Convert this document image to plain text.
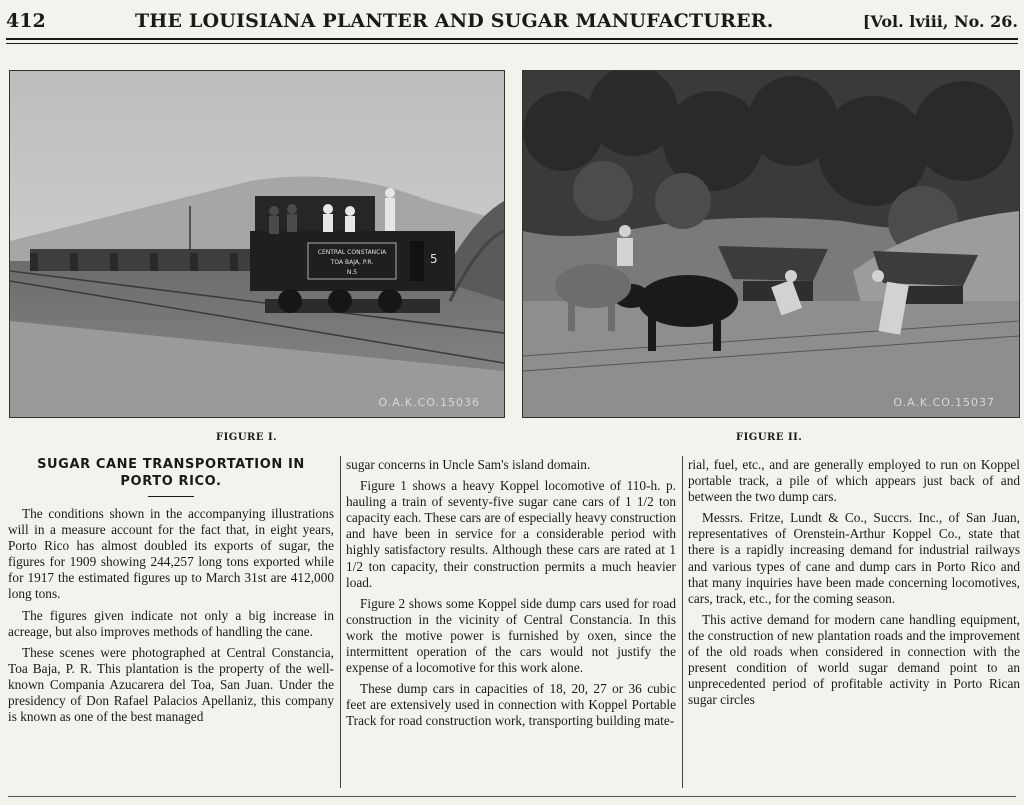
412	THE LOUISIANA PLANTER AND SUGAR MANUFACTURER.	[Vol. lviii, No. 26.
CENTRAL CONSTANCIA
TOA BAJA, P.R.
N.5
5
O.A.K.CO.15036	O.A.K.CO.15037
FIGURE I.	FIGURE II.
SUGAR CANE TRANSPORTATION IN
PORTO RICO.

The conditions shown in the accompanying illustrations will in a measure account for the fact that, in eight years, Porto Rico has almost doubled its exports of sugar, the figures for 1909 showing 244,257 long tons exported while for 1917 the estimated figures up to March 31st are 412,000 long tons.

The figures given indicate not only a big increase in acreage, but also improves methods of handling the cane.

These scenes were photographed at Central Constancia, Toa Baja, P. R. This plantation is the property of the well-known Compania Azucarera del Toa, San Juan. Under the presidency of Don Rafael Palacios Apellaniz, this company is known as one of the best managed

sugar concerns in Uncle Sam's island domain.

Figure 1 shows a heavy Koppel locomotive of 110-h. p. hauling a train of seventy-five sugar cane cars of 1 1/2 ton capacity each. These cars are of especially heavy construction and have been in service for a considerable period with highly satisfactory results. Although these cars are rated at 1 1/2 ton capacity, their construction permits a much heavier load.

Figure 2 shows some Koppel side dump cars used for road construction in the vicinity of Central Constancia. In this work the motive power is furnished by oxen, since the intermittent operation of the cars would not justify the expense of a locomotive for this work alone.

These dump cars in capacities of 18, 20, 27 or 36 cubic feet are extensively used in connection with Koppel Portable Track for road construction work, transporting building mate-

rial, fuel, etc., and are generally employed to run on Koppel portable track, a pile of which appears just back of and between the two dump cars.

Messrs. Fritze, Lundt & Co., Succrs. Inc., of San Juan, representatives of Orenstein-Arthur Koppel Co., state that there is a rapidly increasing demand for industrial railways and various types of cane and dump cars in Porto Rico and that many inquiries have been made concerning locomotives, cars, track, etc., for the coming season.

This active demand for modern cane handling equipment, the construction of new plantation roads and the improvement of the old roads when considered in connection with the present condition of world sugar demand point to an unprecedented period of profitable activity in Porto Rican sugar circles
